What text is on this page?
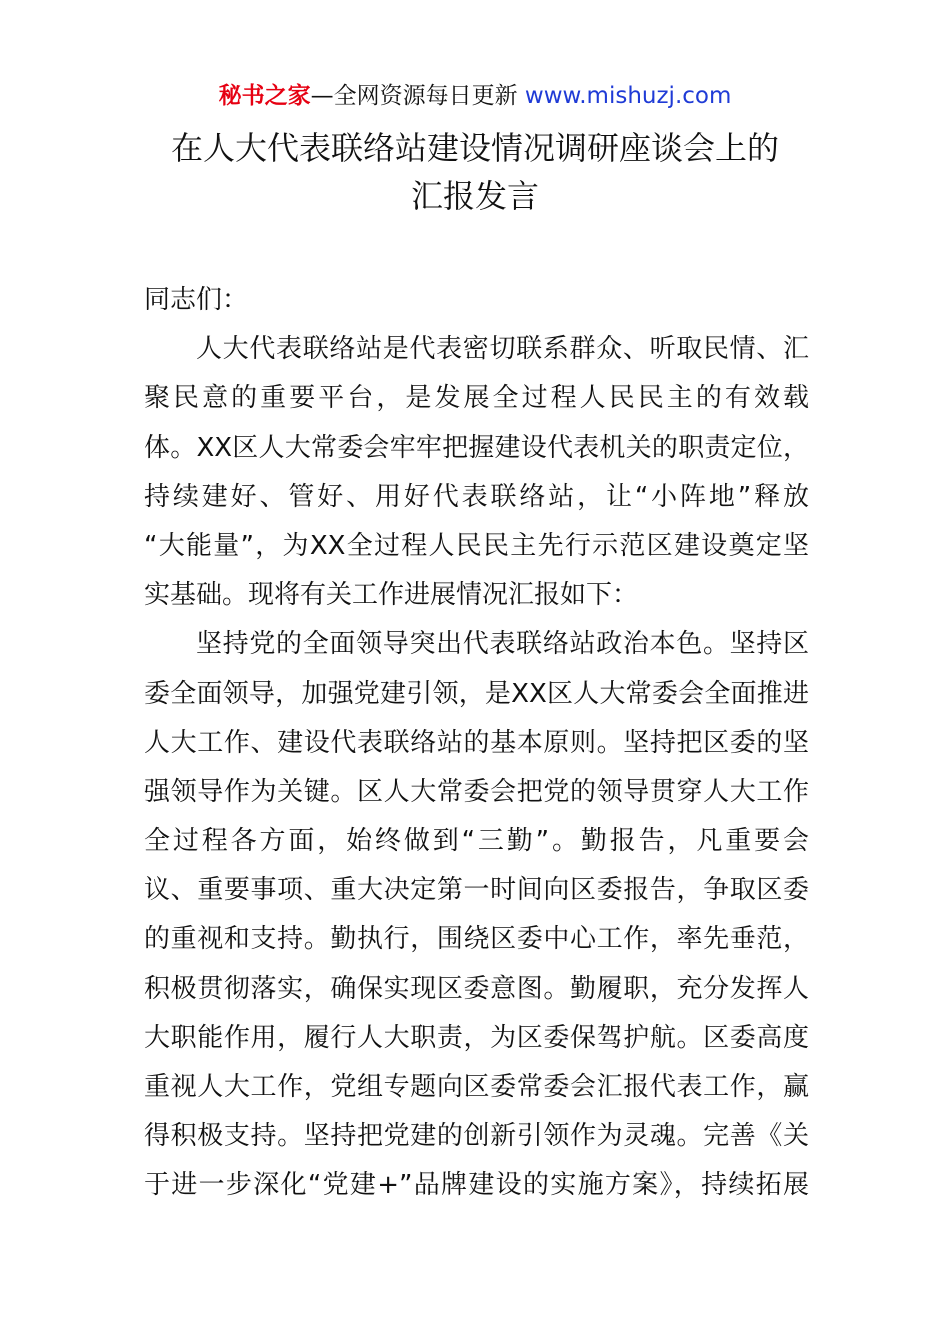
秘书之家—全网资源每日更新 www.mishuzj.com
在人大代表联络站建设情况调研座谈会上的
汇报发言
同志们：
人大代表联络站是代表密切联系群众、听取民情、汇
聚民意的重要平台，是发展全过程人民民主的有效载
体。XX区人大常委会牢牢把握建设代表机关的职责定位，
持续建好、管好、用好代表联络站，让“小阵地”释放
“大能量”，为XX全过程人民民主先行示范区建设奠定坚
实基础。现将有关工作进展情况汇报如下：
坚持党的全面领导突出代表联络站政治本色。坚持区
委全面领导，加强党建引领，是XX区人大常委会全面推进
人大工作、建设代表联络站的基本原则。坚持把区委的坚
强领导作为关键。区人大常委会把党的领导贯穿人大工作
全过程各方面，始终做到“三勤”。勤报告，凡重要会
议、重要事项、重大决定第一时间向区委报告，争取区委
的重视和支持。勤执行，围绕区委中心工作，率先垂范，
积极贯彻落实，确保实现区委意图。勤履职，充分发挥人
大职能作用，履行人大职责，为区委保驾护航。区委高度
重视人大工作，党组专题向区委常委会汇报代表工作，赢
得积极支持。坚持把党建的创新引领作为灵魂。完善《关
于进一步深化“党建+”品牌建设的实施方案》，持续拓展
